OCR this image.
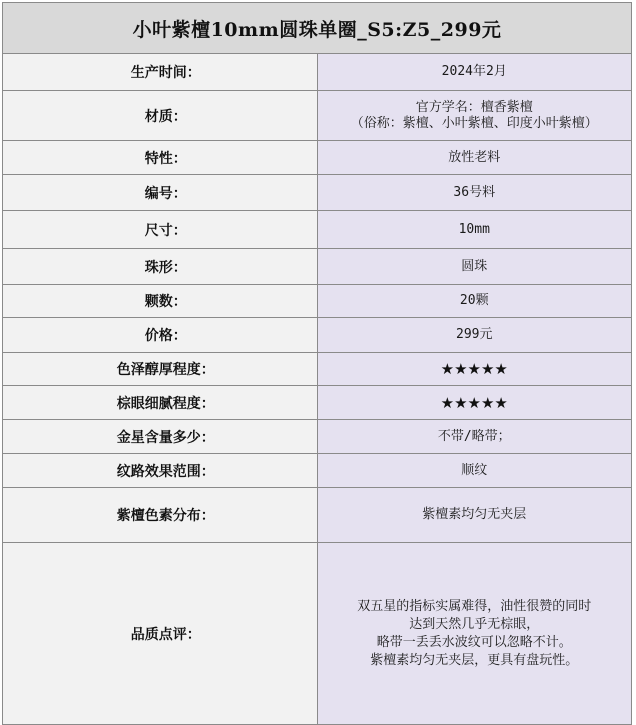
小叶紫檀10mm圆珠单圈_S5:Z5_299元	
生产时间：	2024年2月

材质：	官方学名：檀香紫檀
（俗称：紫檀、小叶紫檀、印度小叶紫檀）

特性：	放性老料

编号：	36号料

尺寸：	10mm

珠形：	圆珠

颗数：	20颗

价格：	299元

色泽醇厚程度：	★★★★★

棕眼细腻程度：	★★★★★

金星含量多少：	不带/略带；

纹路效果范围：	顺纹

紫檀色素分布：	紫檀素均匀无夹层

品质点评：	双五星的指标实属难得，油性很赞的同时
达到天然几乎无棕眼，
略带一丢丢水波纹可以忽略不计。
紫檀素均匀无夹层，更具有盘玩性。
